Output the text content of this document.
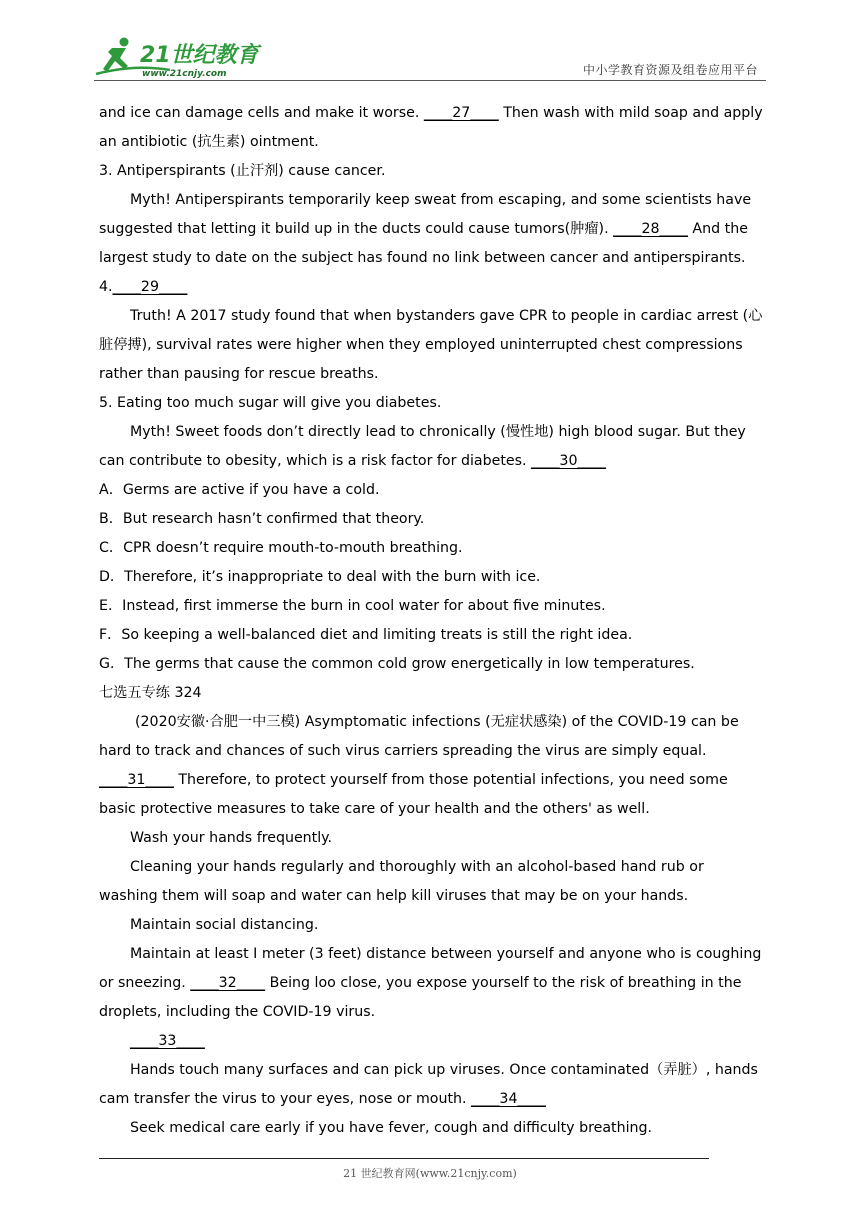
21世纪教育
www.21cnjy.com	中小学教育资源及组卷应用平台
and ice can damage cells and make it worse. ____27____ Then wash with mild soap and apply
an antibiotic (抗生素) ointment.
3. Antiperspirants (止汗剂) cause cancer.
Myth! Antiperspirants temporarily keep sweat from escaping, and some scientists have
suggested that letting it build up in the ducts could cause tumors(肿瘤). ____28____ And the
largest study to date on the subject has found no link between cancer and antiperspirants.
4.____29____
Truth! A 2017 study found that when bystanders gave CPR to people in cardiac arrest (心
脏停搏), survival rates were higher when they employed uninterrupted chest compressions
rather than pausing for rescue breaths.
5. Eating too much sugar will give you diabetes.
Myth! Sweet foods don’t directly lead to chronically (慢性地) high blood sugar. But they
can contribute to obesity, which is a risk factor for diabetes. ____30____
A．Germs are active if you have a cold.
B．But research hasn’t confirmed that theory.
C．CPR doesn’t require mouth-to-mouth breathing.
D．Therefore, it’s inappropriate to deal with the burn with ice.
E．Instead, first immerse the burn in cool water for about five minutes.
F．So keeping a well-balanced diet and limiting treats is still the right idea.
G．The germs that cause the common cold grow energetically in low temperatures.
七选五专练 324
(2020安徽·合肥一中三模) Asymptomatic infections (无症状感染) of the COVID-19 can be
hard to track and chances of such virus carriers spreading the virus are simply equal.
____31____ Therefore, to protect yourself from those potential infections, you need some
basic protective measures to take care of your health and the others' as well.
Wash your hands frequently.
Cleaning your hands regularly and thoroughly with an alcohol-based hand rub or
washing them will soap and water can help kill viruses that may be on your hands.
Maintain social distancing.
Maintain at least I meter (3 feet) distance between yourself and anyone who is coughing
or sneezing. ____32____ Being loo close, you expose yourself to the risk of breathing in the
droplets, including the COVID-19 virus.
____33____
Hands touch many surfaces and can pick up viruses. Once contaminated（弄脏）, hands
cam transfer the virus to your eyes, nose or mouth. ____34____
Seek medical care early if you have fever, cough and difficulty breathing.
21 世纪教育网(www.21cnjy.com)
